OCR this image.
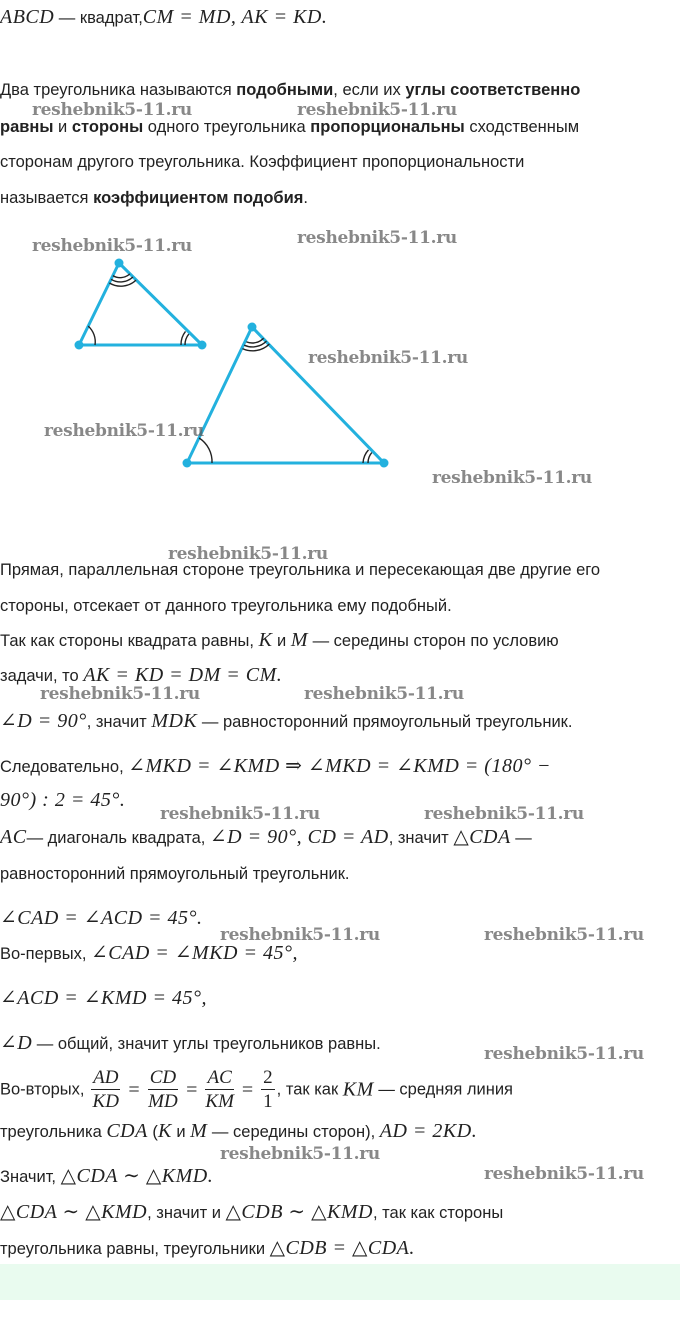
ABCD — квадрат,CM = MD, AK = KD.
Два треугольника называются подобными, если их углы соответственно
равны и стороны одного треугольника пропорциональны сходственным
сторонам другого треугольника. Коэффициент пропорциональности
называется коэффициентом подобия.
Прямая, параллельная стороне треугольника и пересекающая две другие его
стороны, отсекает от данного треугольника ему подобный.
Так как стороны квадрата равны, K и M — середины сторон по условию
задачи, то AK = KD = DM = CM.
∠D = 90°, значит MDK — равносторонний прямоугольный треугольник.
Следовательно, ∠MKD = ∠KMD ⇒ ∠MKD = ∠KMD = (180° −
90°) : 2 = 45°.
AC— диагональ квадрата, ∠D = 90°, CD = AD, значит △CDA —
равносторонний прямоугольный треугольник.
∠CAD = ∠ACD = 45°.
Во-первых, ∠CAD = ∠MKD = 45°,
∠ACD = ∠KMD = 45°,
∠D — общий, значит углы треугольников равны.
Во-вторых, $\frac{AD}{KD} = \frac{CD}{MD} = \frac{AC}{KM} = \frac{2}{1}$ , так как KM — средняя линия
треугольника CDA (K и M — середины сторон), AD = 2KD.
Значит, △CDA ∼ △KMD.
△CDA ∼ △KMD, значит и △CDB ∼ △KMD, так как стороны
треугольника равны, треугольники △CDB = △CDA.
reshebnik5-11.ru	reshebnik5-11.ru
reshebnik5-11.ru	reshebnik5-11.ru
reshebnik5-11.ru
reshebnik5-11.ru
reshebnik5-11.ru
reshebnik5-11.ru
reshebnik5-11.ru	reshebnik5-11.ru
reshebnik5-11.ru	reshebnik5-11.ru
reshebnik5-11.ru	reshebnik5-11.ru
reshebnik5-11.ru
reshebnik5-11.ru
reshebnik5-11.ru
